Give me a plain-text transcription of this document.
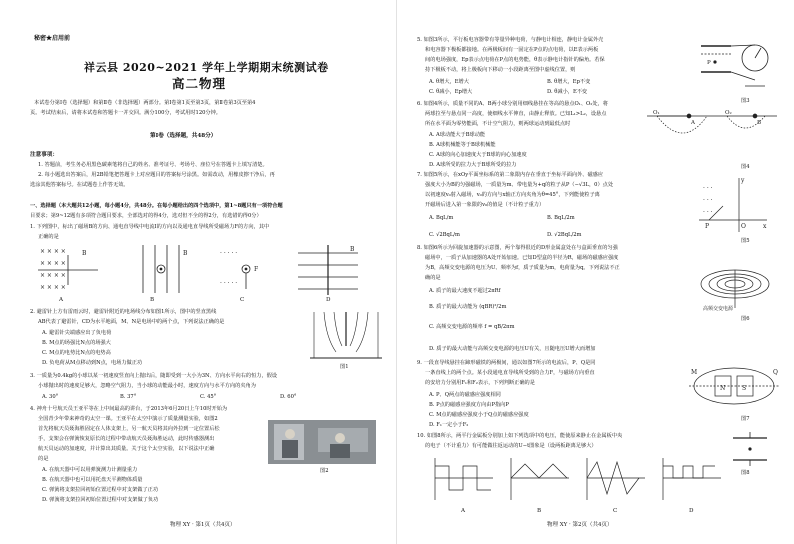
秘密★启用前
祥云县 2020~2021 学年上学期期末统测试卷
高二物理
本试卷分第Ⅰ卷（选择题）和第Ⅱ卷（非选择题）两部分。第Ⅰ卷第1页至第3页，第Ⅱ卷第3页至第4
页。考试结束后，请将本试卷和答题卡一并交回。满分100分，考试用时120分钟。
第Ⅰ卷（选择题，共48分）
注意事项：
1. 答题前，考生务必用黑色碳素笔将自己的姓名、准考证号、考场号、座位号在答题卡上填写清楚。
2. 每小题选出答案后，用2B铅笔把答题卡上对应题目的答案标号涂黑。如需改动，用橡皮擦干净后，再
选涂其他答案标号。在试题卷上作答无效。
一、选择题（本大题共12小题，每小题4分，共48分。在每小题给出的四个选项中，第1~8题只有一项符合题
目要求；第9~12题有多项符合题目要求，全部选对的得4分，选对但不全的得2分，有选错的得0分）
1. 下列图中，标出了磁场B的方向、通电直导线中电流I的方向以及通电直导线所受磁场力F的方向，其中
正确的是
× × × ×
× × × ×
× × × ×
× × × ×
B	B	· · · · ·
· · · · ·
F
B
A	B	C	D
2. 避雷针上方有雷雨云时，避雷针附近的电场线分布如图1所示，图中的竖直黑线
AB代表了避雷针，CD为水平地面，M、N是电场中的两个点，下列说法正确的是
A. 避雷针尖端感应出了负电荷
B. M点的场强比N点的场强大
C. M点的电势比N点的电势高
D. 负电荷从M点移动到N点，电场力做正功
图1
3. 一质量为0.4kg的小球以某一初速度竖直向上抛出后，随即受到一大小为3N、方向水平向右的恒力，假设
小球抛出时的速度足够大，忽略空气阻力，当小球的动能最小时，速度方向与水平方向的夹角为
A. 30°	B. 37°	C. 45°	D. 60°
4. 神舟十号航天员王亚平等在上中间最高的讲台，于2013年6月20日上午10时开始为
全国青少年带来神奇的太空一课。王亚平在太空中演示了质量测量实验，如图2
首先将航天员聂海胜固定在人体支架上，另一航天员将其向外拉到一定位置后松
手，支架会在弹簧恢复原长的过程中带动航天员聂海胜运动，此时传感器测出
航天员运动的加速度，并计算出其质量。关于这个太空实验，以下说法中正确
的是
A. 在航天器中可以用弹簧测力计测量重力
B. 在航天器中也可以用托盘天平测物体质量
C. 弹簧将支架拉回初始位置过程中对支架做了正功
D. 弹簧将支架拉回初始位置过程中对支架做了负功
图2
物理 XY · 第1页（共4页）
5. 如图3所示，平行板电容器带有等量异种电荷，与静电计相连，静电计金属外壳
和电容器下极板都接地。在两极板间有一固定在P点的点电荷，以E表示两板
间的电场强度，Ep表示点电荷在P点的电势能，θ表示静电计指针的偏角。若保
持下极板不动，将上极板向下移动一小段距离至图中虚线位置，则
A. θ增大，E增大	B. θ增大，Ep不变
C. θ减小，Ep增大	D. θ减小，E不变
P
图3
6. 如图4所示，质量不同的A、B两小球分别用细线悬挂在等高的悬点O₁、O₂处，将
两球拉至与悬点同一高度，使细线水平伸直，由静止释放。已知L₁>L₂，设悬点
所在水平面为零势能面，不计空气阻力，则两球运动到最低点时
A. A球动能大于B球动能
B. A球机械能等于B球机械能
C. A球的向心加速度大于B球的向心加速度
D. A球所受的拉力大于B球所受的拉力
O₁
A
O₂
B
图4
7. 如图5所示，在xOy平面坐标系的第二象限内存在垂直于坐标平面向外、磁感应
强度大小为B的匀强磁场，一质量为m、带电量为+q的粒子从P（−√3L，0）点处
以初速度v₀射入磁场，v₀的方向与x轴正方向夹角为θ=45°，下列能使粒子离
开磁场后进入第一象限的v₀的值是（不计粒子重力）
A. BqL/m	B. BqL/2m
C. √2BqL/m	D. √2BqL/2m
· · ·
· · ·
· · ·
y
x
P	O
图5
8. 如图6所示为回旋加速器的示意图，两个靠得很近的D形金属盒处在与盒面垂直的匀强
磁场中，一质子从加速器的A处开始加速。已知D型盒的半径为R，磁场的磁感应强度
为B，高频交变电源的电压为U、频率为f，质子质量为m，电荷量为q。下列说法不正
确的是
A. 质子的最大速度不超过2πRf
B. 质子的最大动能为 (qBR)²/2m
C. 高频交变电源的频率 f = qB/2πm
D. 质子的最大动能与高频交变电源的电压U有关，且随电压U增大而增加
高频交变电源
图6
9. 一段直导线悬挂在蹄形磁铁的两极间，通以如图7所示的电流后，P、Q是同
一条直线上的两个点。某小段通电直导线所受到的合力F，与磁场方向垂直
的安培力分别用F₁和F₂表示，下列判断正确的是
A. P、Q两点的磁感应强度相同
B. P点的磁感应强度方向由P指向P
C. M点的磁感应强度小于Q点的磁感应强度
D. F₁一定小于F₂
N	S
M	Q
图7
10. 如图8所示，两平行金属板分别加上如下列选项中的电压，能使原来静止在金属板中央
的电子（不计重力）有可能做往返运动的U−t图象是（设两板距离足够大）
图8
A	B	C	D
物理 XY · 第2页（共4页）
